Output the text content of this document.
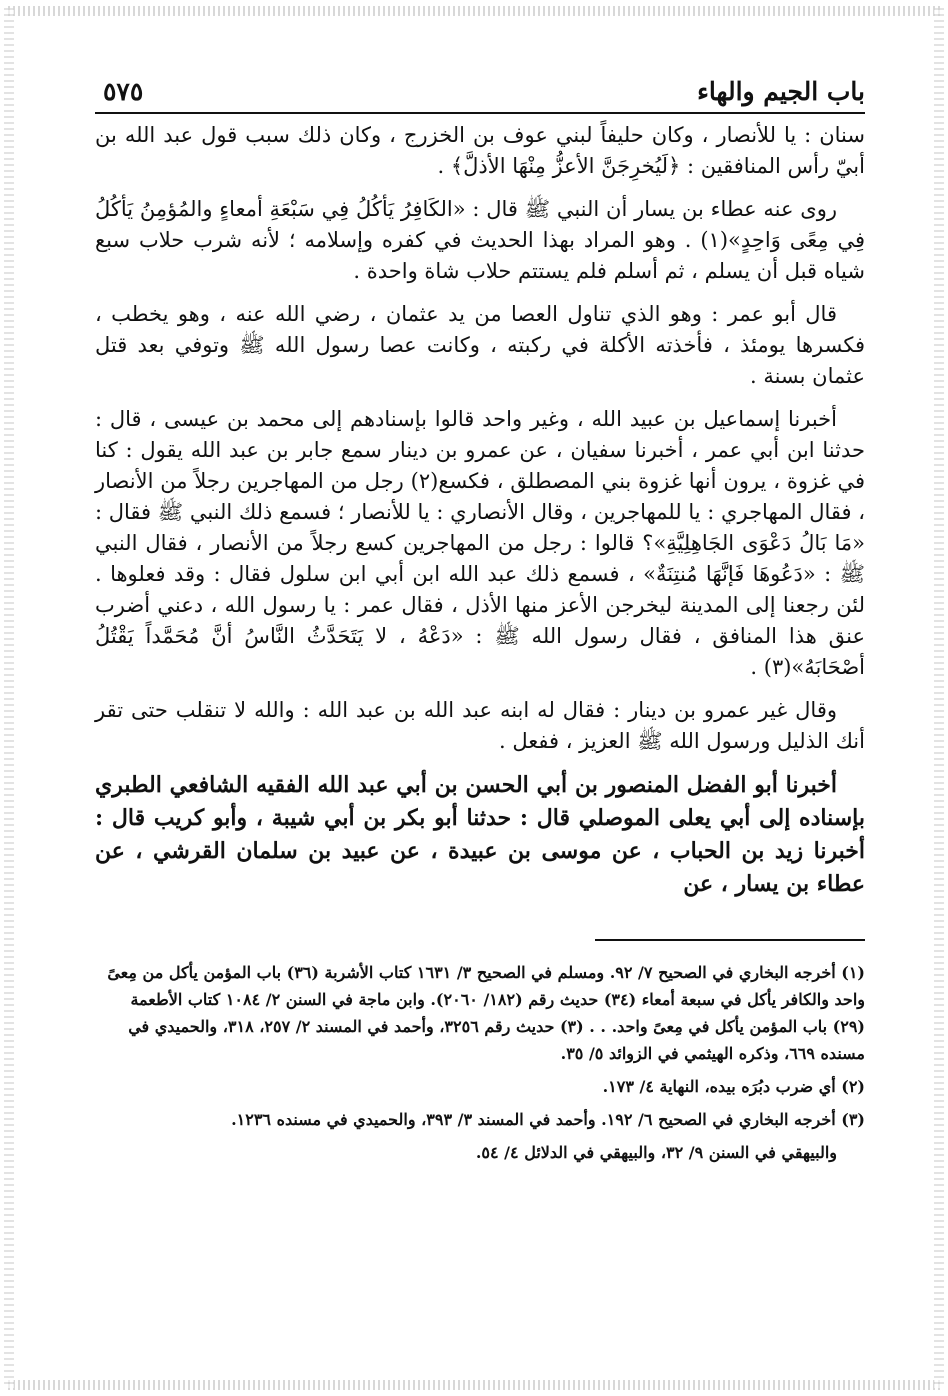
باب الجيم والهاء
٥٧٥

سنان : يا للأنصار ، وكان حليفاً لبني عوف بن الخزرج ، وكان ذلك سبب قول عبد الله بن أبيّ رأس المنافقين : ﴿لَيُخرِجَنَّ الأعزُّ مِنْهَا الأذلَّ﴾ .

روى عنه عطاء بن يسار أن النبي ﷺ قال : «الكَافِرُ يَأكُلُ فِي سَبْعَةِ أمعاءٍ والمُؤمِنُ يَأكُلُ فِي مِعًى وَاحِدٍ»(١) . وهو المراد بهذا الحديث في كفره وإسلامه ؛ لأنه شرب حلاب سبع شياه قبل أن يسلم ، ثم أسلم فلم يستتم حلاب شاة واحدة .

قال أبو عمر : وهو الذي تناول العصا من يد عثمان ، رضي الله عنه ، وهو يخطب ، فكسرها يومئذ ، فأخذته الأكلة في ركبته ، وكانت عصا رسول الله ﷺ وتوفي بعد قتل عثمان بسنة .

أخبرنا إسماعيل بن عبيد الله ، وغير واحد قالوا بإسنادهم إلى محمد بن عيسى ، قال : حدثنا ابن أبي عمر ، أخبرنا سفيان ، عن عمرو بن دينار سمع جابر بن عبد الله يقول : كنا في غزوة ، يرون أنها غزوة بني المصطلق ، فكسع(٢) رجل من المهاجرين رجلاً من الأنصار ، فقال المهاجري : يا للمهاجرين ، وقال الأنصاري : يا للأنصار ؛ فسمع ذلك النبي ﷺ فقال : «مَا بَالُ دَعْوَى الجَاهِلِيَّةِ»؟ قالوا : رجل من المهاجرين كسع رجلاً من الأنصار ، فقال النبي ﷺ : «دَعُوهَا فَإنَّهَا مُنتِنَةٌ» ، فسمع ذلك عبد الله ابن أبي ابن سلول فقال : وقد فعلوها . لئن رجعنا إلى المدينة ليخرجن الأعز منها الأذل ، فقال عمر : يا رسول الله ، دعني أضرب عنق هذا المنافق ، فقال رسول الله ﷺ : «دَعْهُ ، لا يَتَحَدَّثُ النَّاسُ أنَّ مُحَمَّداً يَقْتُلُ أصْحَابَهُ»(٣) .

وقال غير عمرو بن دينار : فقال له ابنه عبد الله بن عبد الله : والله لا تنقلب حتى تقر أنك الذليل ورسول الله ﷺ العزيز ، ففعل .

أخبرنا أبو الفضل المنصور بن أبي الحسن بن أبي عبد الله الفقيه الشافعي الطبري بإسناده إلى أبي يعلى الموصلي قال : حدثنا أبو بكر بن أبي شيبة ، وأبو كريب قال : أخبرنا زيد بن الحباب ، عن موسى بن عبيدة ، عن عبيد بن سلمان القرشي ، عن عطاء بن يسار ، عن

(١) أخرجه البخاري في الصحيح ٧/ ٩٢. ومسلم في الصحيح ٣/ ١٦٣١ كتاب الأشربة (٣٦) باب المؤمن يأكل من مِعىً واحد والكافر يأكل في سبعة أمعاء (٣٤) حديث رقم (١٨٢/ ٢٠٦٠). وابن ماجة في السنن ٢/ ١٠٨٤ كتاب الأطعمة (٢٩) باب المؤمن يأكل في مِعىً واحد. . . (٣) حديث رقم ٣٢٥٦، وأحمد في المسند ٢/ ٢٥٧، ٣١٨، والحميدي في مسنده ٦٦٩، وذكره الهيثمي في الزوائد ٥/ ٣٥.

(٢) أي ضرب دبُرَه بيده، النهاية ٤/ ١٧٣.

(٣) أخرجه البخاري في الصحيح ٦/ ١٩٢. وأحمد في المسند ٣/ ٣٩٣، والحميدي في مسنده ١٢٣٦.

والبيهقي في السنن ٩/ ٣٢، والبيهقي في الدلائل ٤/ ٥٤.
